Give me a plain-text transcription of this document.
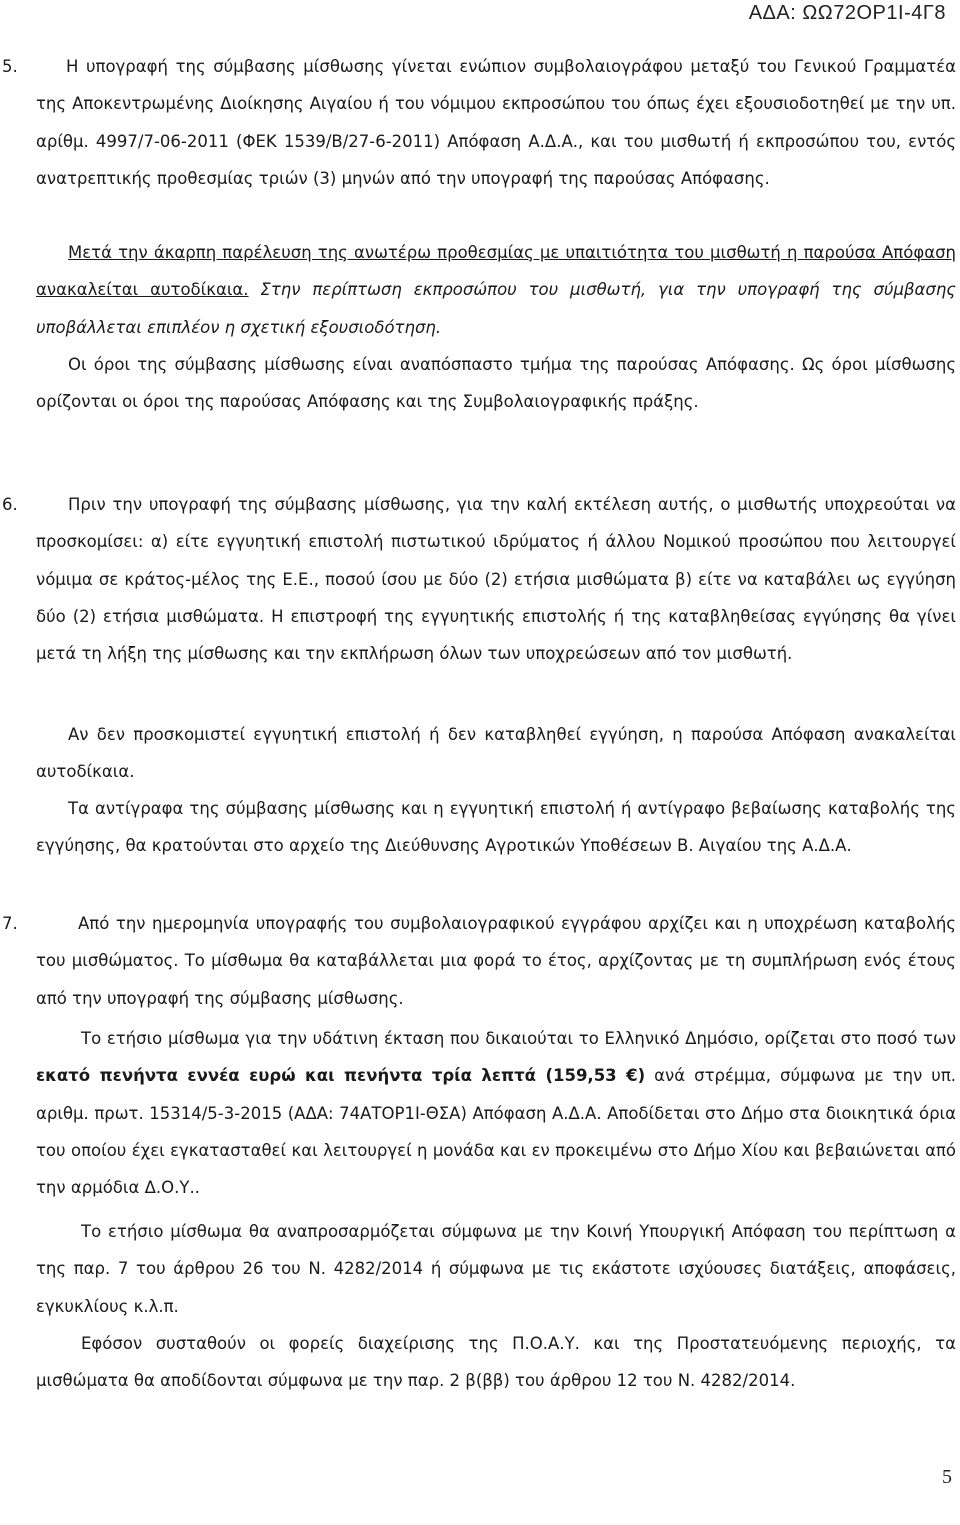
ΑΔΑ: ΩΩ72ΟΡ1Ι-4Γ8
5.	Η υπογραφή της σύμβασης μίσθωσης γίνεται ενώπιον συμβολαιογράφου μεταξύ του Γενικού Γραμματέα της Αποκεντρωμένης Διοίκησης Αιγαίου ή του νόμιμου εκπροσώπου του όπως έχει εξουσιοδοτηθεί με την υπ. αρίθμ. 4997/7-06-2011 (ΦΕΚ 1539/Β/27-6-2011) Απόφαση Α.Δ.Α., και του μισθωτή ή εκπροσώπου του, εντός ανατρεπτικής προθεσμίας τριών (3) μηνών από την υπογραφή της παρούσας Απόφασης.

Μετά την άκαρπη παρέλευση της ανωτέρω προθεσμίας με υπαιτιότητα του μισθωτή η παρούσα Απόφαση ανακαλείται αυτοδίκαια. Στην περίπτωση εκπροσώπου του μισθωτή, για την υπογραφή της σύμβασης υποβάλλεται επιπλέον η σχετική εξουσιοδότηση.

Οι όροι της σύμβασης μίσθωσης είναι αναπόσπαστο τμήμα της παρούσας Απόφασης. Ως όροι μίσθωσης ορίζονται οι όροι της παρούσας Απόφασης και της Συμβολαιογραφικής πράξης.

6.	Πριν την υπογραφή της σύμβασης μίσθωσης, για την καλή εκτέλεση αυτής, ο μισθωτής υποχρεούται να προσκομίσει: α) είτε εγγυητική επιστολή πιστωτικού ιδρύματος ή άλλου Νομικού προσώπου που λειτουργεί νόμιμα σε κράτος-μέλος της Ε.Ε., ποσού ίσου με δύο (2) ετήσια μισθώματα β) είτε να καταβάλει ως εγγύηση δύο (2) ετήσια μισθώματα. Η επιστροφή της εγγυητικής επιστολής ή της καταβληθείσας εγγύησης θα γίνει μετά τη λήξη της μίσθωσης και την εκπλήρωση όλων των υποχρεώσεων από τον μισθωτή.

Αν δεν προσκομιστεί εγγυητική επιστολή ή δεν καταβληθεί εγγύηση, η παρούσα Απόφαση ανακαλείται αυτοδίκαια.

Τα αντίγραφα της σύμβασης μίσθωσης και η εγγυητική επιστολή ή αντίγραφο βεβαίωσης καταβολής της εγγύησης, θα κρατούνται στο αρχείο της Διεύθυνσης Αγροτικών Υποθέσεων Β. Αιγαίου της Α.Δ.Α.

7.	Από την ημερομηνία υπογραφής του συμβολαιογραφικού εγγράφου αρχίζει και η υποχρέωση καταβολής του μισθώματος. Το μίσθωμα θα καταβάλλεται μια φορά το έτος, αρχίζοντας με τη συμπλήρωση ενός έτους από την υπογραφή της σύμβασης μίσθωσης.

Το ετήσιο μίσθωμα για την υδάτινη έκταση που δικαιούται το Ελληνικό Δημόσιο, ορίζεται στο ποσό των εκατό πενήντα εννέα ευρώ και πενήντα τρία λεπτά (159,53 €) ανά στρέμμα, σύμφωνα με την υπ. αριθμ. πρωτ. 15314/5-3-2015 (ΑΔΑ: 74ΑΤΟΡ1Ι-ΘΣΑ) Απόφαση Α.Δ.Α. Αποδίδεται στο Δήμο στα διοικητικά όρια του οποίου έχει εγκατασταθεί και λειτουργεί η μονάδα και εν προκειμένω στο Δήμο Χίου και βεβαιώνεται από την αρμόδια Δ.Ο.Υ..

Το ετήσιο μίσθωμα θα αναπροσαρμόζεται σύμφωνα με την Κοινή Υπουργική Απόφαση του περίπτωση α της παρ. 7 του άρθρου 26 του Ν. 4282/2014 ή σύμφωνα με τις εκάστοτε ισχύουσες διατάξεις, αποφάσεις, εγκυκλίους κ.λ.π.

Εφόσον συσταθούν οι φορείς διαχείρισης της Π.Ο.Α.Υ. και της Προστατευόμενης περιοχής, τα μισθώματα θα αποδίδονται σύμφωνα με την παρ. 2 β(ββ) του άρθρου 12 του Ν. 4282/2014.

5
